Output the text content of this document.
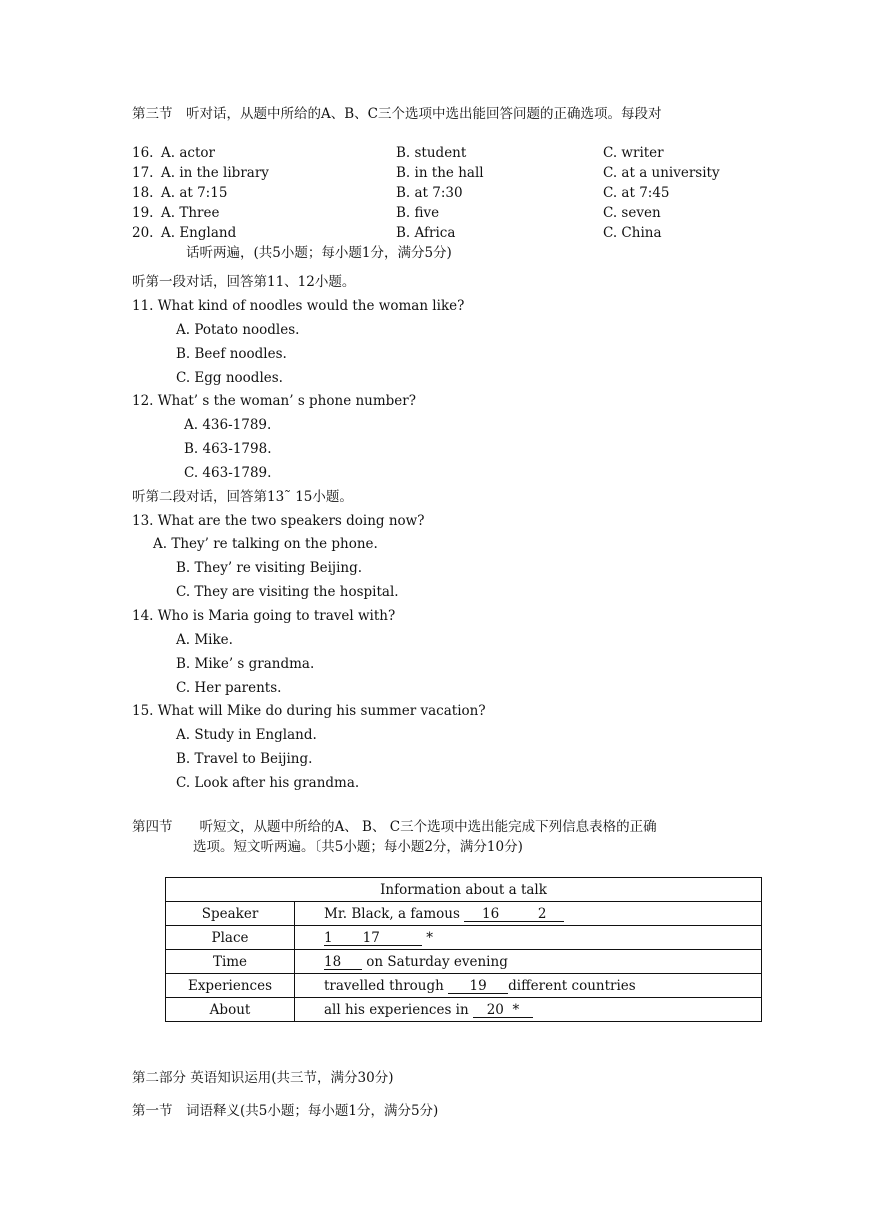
第三节　听对话，从题中所给的A、B、C三个选项中选出能回答问题的正确选项。每段对
16. A. actor	B. student	C. writer
17. A. in the library	B. in the hall	C. at a university
18. A. at 7:15	B. at 7:30	C. at 7:45
19. A. Three	B. five	C. seven
20. A. England	B. Africa	C. China
话听两遍，(共5小题；每小题1分，满分5分)
听第一段对话，回答第11、12小题。
11. What kind of noodles would the woman like?
A. Potato noodles.
B. Beef noodles.
C. Egg noodles.
12. What’ s the woman’ s phone number?
A. 436-1789.
B. 463-1798.
C. 463-1789.
听第二段对话，回答第13˜ 15小题。
13. What are the two speakers doing now?
A. They’ re talking on the phone.
B. They’ re visiting Beijing.
C. They are visiting the hospital.
14. Who is Maria going to travel with?
A. Mike.
B. Mike’ s grandma.
C. Her parents.
15. What will Mike do during his summer vacation?
A. Study in England.
B. Travel to Beijing.
C. Look after his grandma.
第四节　　听短文，从题中所给的A、 B、 C三个选项中选出能完成下列信息表格的正确
选项。短文听两遍。〔共5小题；每小题2分，满分10分)
Information about a talk	
Speaker	Mr. Black, a famous 16 2
Place	1 17 *
Time	18 on Saturday evening
Experiences	travelled through 19 different countries
About	all his experiences in 20 *
第二部分 英语知识运用(共三节，满分30分)
第一节　词语释义(共5小题；每小题1分，满分5分)
